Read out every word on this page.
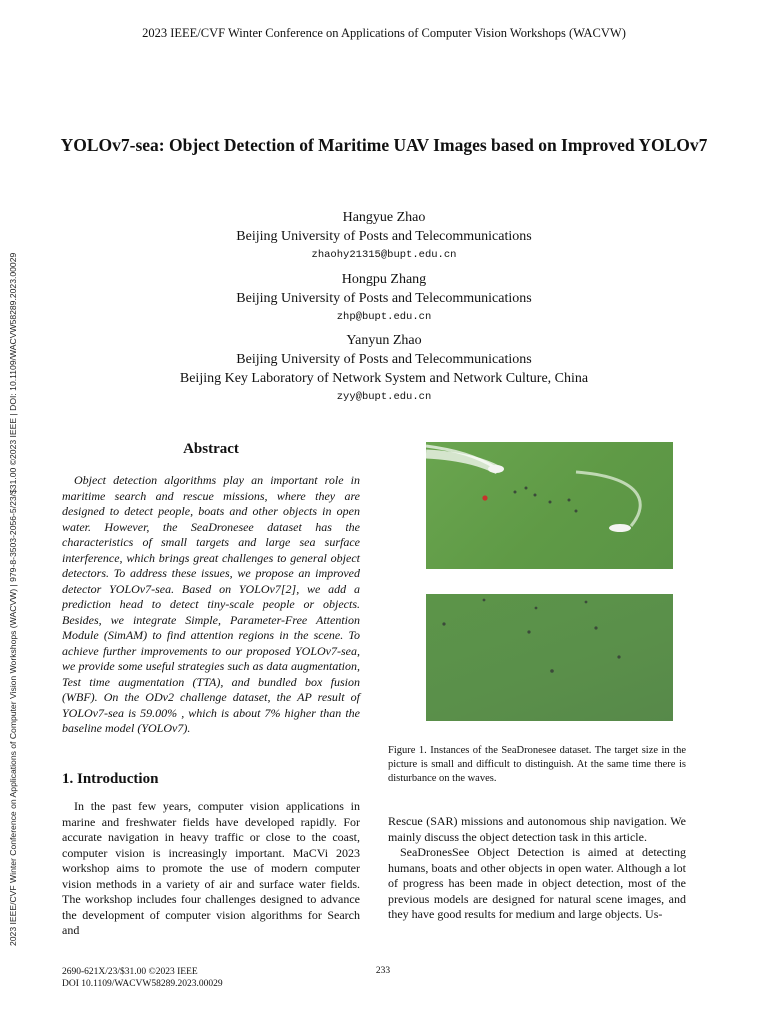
2023 IEEE/CVF Winter Conference on Applications of Computer Vision Workshops (WACVW)
2023 IEEE/CVF Winter Conference on Applications of Computer Vision Workshops (WACVW) | 979-8-3503-2056-5/23/$31.00 ©2023 IEEE | DOI: 10.1109/WACVW58289.2023.00029
YOLOv7-sea: Object Detection of Maritime UAV Images based on Improved YOLOv7
Hangyue Zhao
Beijing University of Posts and Telecommunications
zhaohy21315@bupt.edu.cn
Hongpu Zhang
Beijing University of Posts and Telecommunications
zhp@bupt.edu.cn
Yanyun Zhao
Beijing University of Posts and Telecommunications
Beijing Key Laboratory of Network System and Network Culture, China
zyy@bupt.edu.cn
Abstract
Object detection algorithms play an important role in maritime search and rescue missions, where they are designed to detect people, boats and other objects in open water. However, the SeaDronesee dataset has the characteristics of small targets and large sea surface interference, which brings great challenges to general object detectors. To address these issues, we propose an improved detector YOLOv7-sea. Based on YOLOv7[2], we add a prediction head to detect tiny-scale people or objects. Besides, we integrate Simple, Parameter-Free Attention Module (SimAM) to find attention regions in the scene. To achieve further improvements to our proposed YOLOv7-sea, we provide some useful strategies such as data augmentation, Test time augmentation (TTA), and bundled box fusion (WBF). On the ODv2 challenge dataset, the AP result of YOLOv7-sea is 59.00% , which is about 7% higher than the baseline model (YOLOv7).
1. Introduction
In the past few years, computer vision applications in marine and freshwater fields have developed rapidly. For accurate navigation in heavy traffic or close to the coast, computer vision is increasingly important. MaCVi 2023 workshop aims to promote the use of modern computer vision methods in a variety of air and surface water fields. The workshop includes four challenges designed to advance the development of computer vision algorithms for Search and
Figure 1. Instances of the SeaDronesee dataset. The target size in the picture is small and difficult to distinguish. At the same time there is disturbance on the waves.
Rescue (SAR) missions and autonomous ship navigation. We mainly discuss the object detection task in this article.
SeaDronesSee Object Detection is aimed at detecting humans, boats and other objects in open water. Although a lot of progress has been made in object detection, most of the previous models are designed for natural scene images, and they have good results for medium and large objects. Us-
2690-621X/23/$31.00 ©2023 IEEE
DOI 10.1109/WACVW58289.2023.00029
233
